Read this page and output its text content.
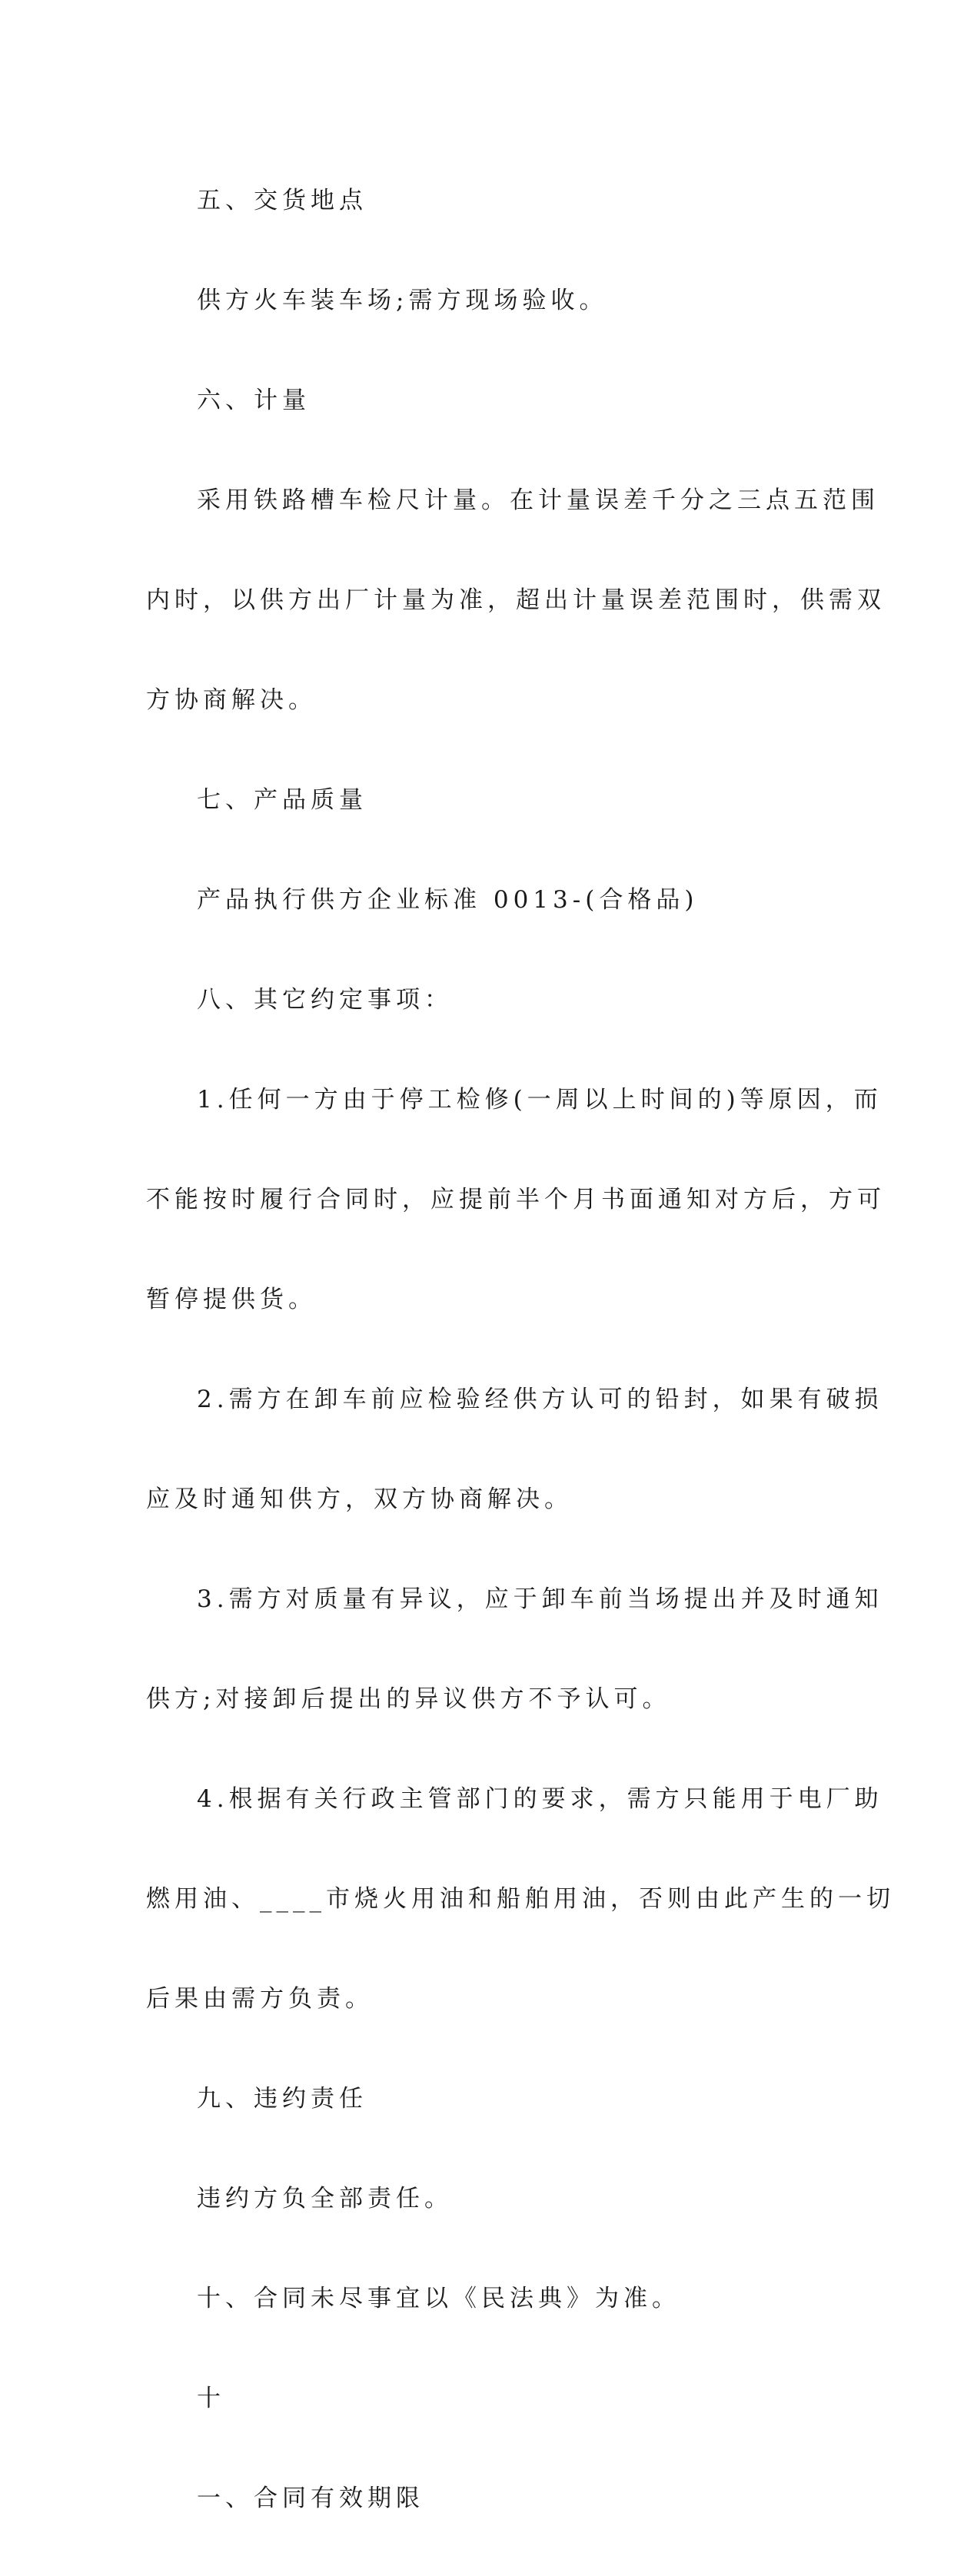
五、交货地点

供方火车装车场;需方现场验收。

六、计量

采用铁路槽车检尺计量。在计量误差千分之三点五范围

内时，以供方出厂计量为准，超出计量误差范围时，供需双

方协商解决。

七、产品质量

产品执行供方企业标准 0013-(合格品)

八、其它约定事项：

1.任何一方由于停工检修(一周以上时间的)等原因，而

不能按时履行合同时，应提前半个月书面通知对方后，方可

暂停提供货。

2.需方在卸车前应检验经供方认可的铅封，如果有破损

应及时通知供方，双方协商解决。

3.需方对质量有异议，应于卸车前当场提出并及时通知

供方;对接卸后提出的异议供方不予认可。

4.根据有关行政主管部门的要求，需方只能用于电厂助

燃用油、____市烧火用油和船舶用油，否则由此产生的一切

后果由需方负责。

九、违约责任

违约方负全部责任。

十、合同未尽事宜以《民法典》为准。

十

一、合同有效期限
